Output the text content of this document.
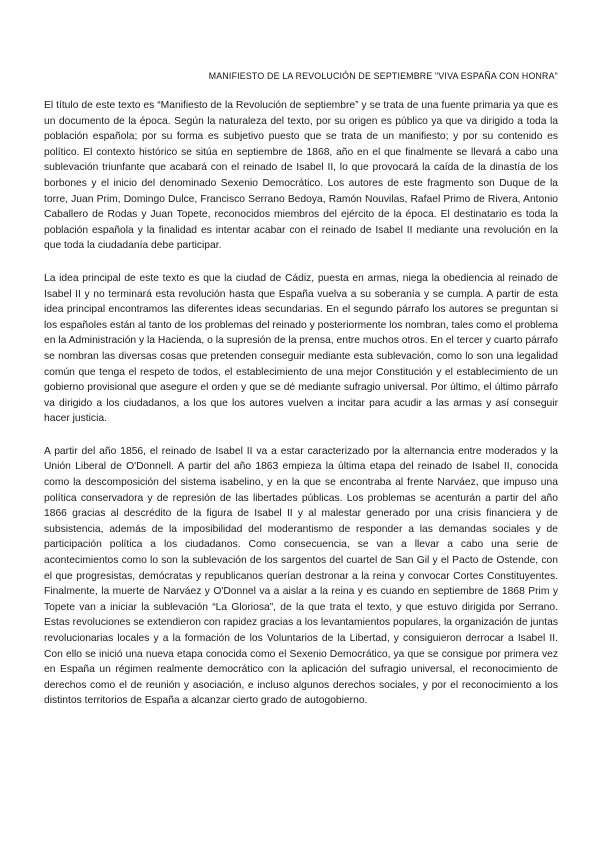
MANIFIESTO DE LA REVOLUCIÓN DE SEPTIEMBRE "VIVA ESPAÑA CON HONRA"

El título de este texto es “Manifiesto de la Revolución de septiembre” y se trata de una fuente primaria ya que es un documento de la época. Según la naturaleza del texto, por su origen es público ya que va dirigido a toda la población española; por su forma es subjetivo puesto que se trata de un manifiesto; y por su contenido es político. El contexto histórico se sitúa en septiembre de 1868, año en el que finalmente se llevará a cabo una sublevación triunfante que acabará con el reinado de Isabel II, lo que provocará la caída de la dinastía de los borbones y el inicio del denominado Sexenio Democrático. Los autores de este fragmento son Duque de la torre, Juan Prim, Domingo Dulce, Francisco Serrano Bedoya, Ramón Nouvilas, Rafael Primo de Rivera, Antonio Caballero de Rodas y Juan Topete, reconocidos miembros del ejército de la época. El destinatario es toda la población española y la finalidad es intentar acabar con el reinado de Isabel II mediante una revolución en la que toda la ciudadanía debe participar.

La idea principal de este texto es que la ciudad de Cádiz, puesta en armas, niega la obediencia al reinado de Isabel II y no terminará esta revolución hasta que España vuelva a su soberanía y se cumpla. A partir de esta idea principal encontramos las diferentes ideas secundarias. En el segundo párrafo los autores se preguntan si los españoles están al tanto de los problemas del reinado y posteriormente los nombran, tales como el problema en la Administración y la Hacienda, o la supresión de la prensa, entre muchos otros. En el tercer y cuarto párrafo se nombran las diversas cosas que pretenden conseguir mediante esta sublevación, como lo son una legalidad común que tenga el respeto de todos, el establecimiento de una mejor Constitución y el establecimiento de un gobierno provisional que asegure el orden y que se dé mediante sufragio universal. Por último, el último párrafo va dirigido a los ciudadanos, a los que los autores vuelven a incitar para acudir a las armas y así conseguir hacer justicia.

A partir del año 1856, el reinado de Isabel II va a estar caracterizado por la alternancia entre moderados y la Unión Liberal de O'Donnell. A partir del año 1863 empieza la última etapa del reinado de Isabel II, conocida como la descomposición del sistema isabelino, y en la que se encontraba al frente Narváez, que impuso una política conservadora y de represión de las libertades públicas. Los problemas se acenturán a partir del año 1866 gracias al descrédito de la figura de Isabel II y al malestar generado por una crisis financiera y de subsistencia, además de la imposibilidad del moderantismo de responder a las demandas sociales y de participación política a los ciudadanos. Como consecuencia, se van a llevar a cabo una serie de acontecimientos como lo son la sublevación de los sargentos del cuartel de San Gil y el Pacto de Ostende, con el que progresistas, demócratas y republicanos querían destronar a la reina y convocar Cortes Constituyentes. Finalmente, la muerte de Narváez y O'Donnel va a aislar a la reina y es cuando en septiembre de 1868 Prim y Topete van a iniciar la sublevación “La Gloriosa”, de la que trata el texto, y que estuvo dirigida por Serrano. Estas revoluciones se extendieron con rapidez gracias a los levantamientos populares, la organización de juntas revolucionarias locales y a la formación de los Voluntarios de la Libertad, y consiguieron derrocar a Isabel II. Con ello se inició una nueva etapa conocida como el Sexenio Democrático, ya que se consigue por primera vez en España un régimen realmente democrático con la aplicación del sufragio universal, el reconocimiento de derechos como el de reunión y asociación, e incluso algunos derechos sociales, y por el reconocimiento a los distintos territorios de España a alcanzar cierto grado de autogobierno.
